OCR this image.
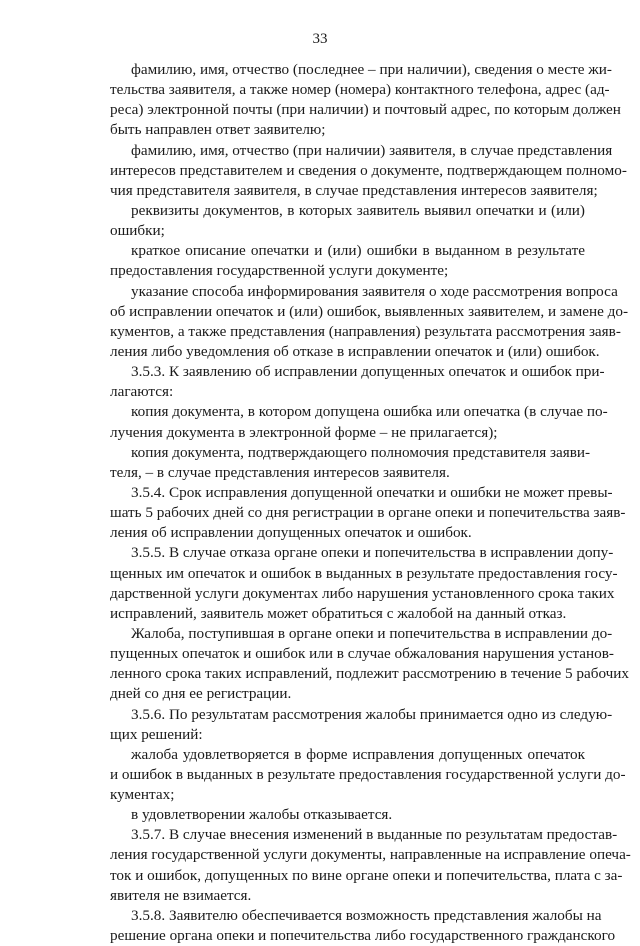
33
фамилию, имя, отчество (последнее – при наличии), сведения о месте жи-
тельства заявителя, а также номер (номера) контактного телефона, адрес (ад-
реса) электронной почты (при наличии) и почтовый адрес, по которым должен
быть направлен ответ заявителю;
фамилию, имя, отчество (при наличии) заявителя, в случае представления
интересов представителем и сведения о документе, подтверждающем полномо-
чия представителя заявителя, в случае представления интересов заявителя;
реквизиты документов, в которых заявитель выявил опечатки и (или)
ошибки;
краткое описание опечатки и (или) ошибки в выданном в результате
предоставления государственной услуги документе;
указание способа информирования заявителя о ходе рассмотрения вопроса
об исправлении опечаток и (или) ошибок, выявленных заявителем, и замене до-
кументов, а также представления (направления) результата рассмотрения заяв-
ления либо уведомления об отказе в исправлении опечаток и (или) ошибок.
3.5.3. К заявлению об исправлении допущенных опечаток и ошибок при-
лагаются:
копия документа, в котором допущена ошибка или опечатка (в случае по-
лучения документа в электронной форме – не прилагается);
копия документа, подтверждающего полномочия представителя заяви-
теля, – в случае представления интересов заявителя.
3.5.4. Срок исправления допущенной опечатки и ошибки не может превы-
шать 5 рабочих дней со дня регистрации в органе опеки и попечительства заяв-
ления об исправлении допущенных опечаток и ошибок.
3.5.5. В случае отказа органе опеки и попечительства в исправлении допу-
щенных им опечаток и ошибок в выданных в результате предоставления госу-
дарственной услуги документах либо нарушения установленного срока таких
исправлений, заявитель может обратиться с жалобой на данный отказ.
Жалоба, поступившая в органе опеки и попечительства в исправлении до-
пущенных опечаток и ошибок или в случае обжалования нарушения установ-
ленного срока таких исправлений, подлежит рассмотрению в течение 5 рабочих
дней со дня ее регистрации.
3.5.6. По результатам рассмотрения жалобы принимается одно из следую-
щих решений:
жалоба удовлетворяется в форме исправления допущенных опечаток
и ошибок в выданных в результате предоставления государственной услуги до-
кументах;
в удовлетворении жалобы отказывается.
3.5.7. В случае внесения изменений в выданные по результатам предостав-
ления государственной услуги документы, направленные на исправление опеча-
ток и ошибок, допущенных по вине органе опеки и попечительства, плата с за-
явителя не взимается.
3.5.8. Заявителю обеспечивается возможность представления жалобы на
решение органа опеки и попечительства либо государственного гражданского
